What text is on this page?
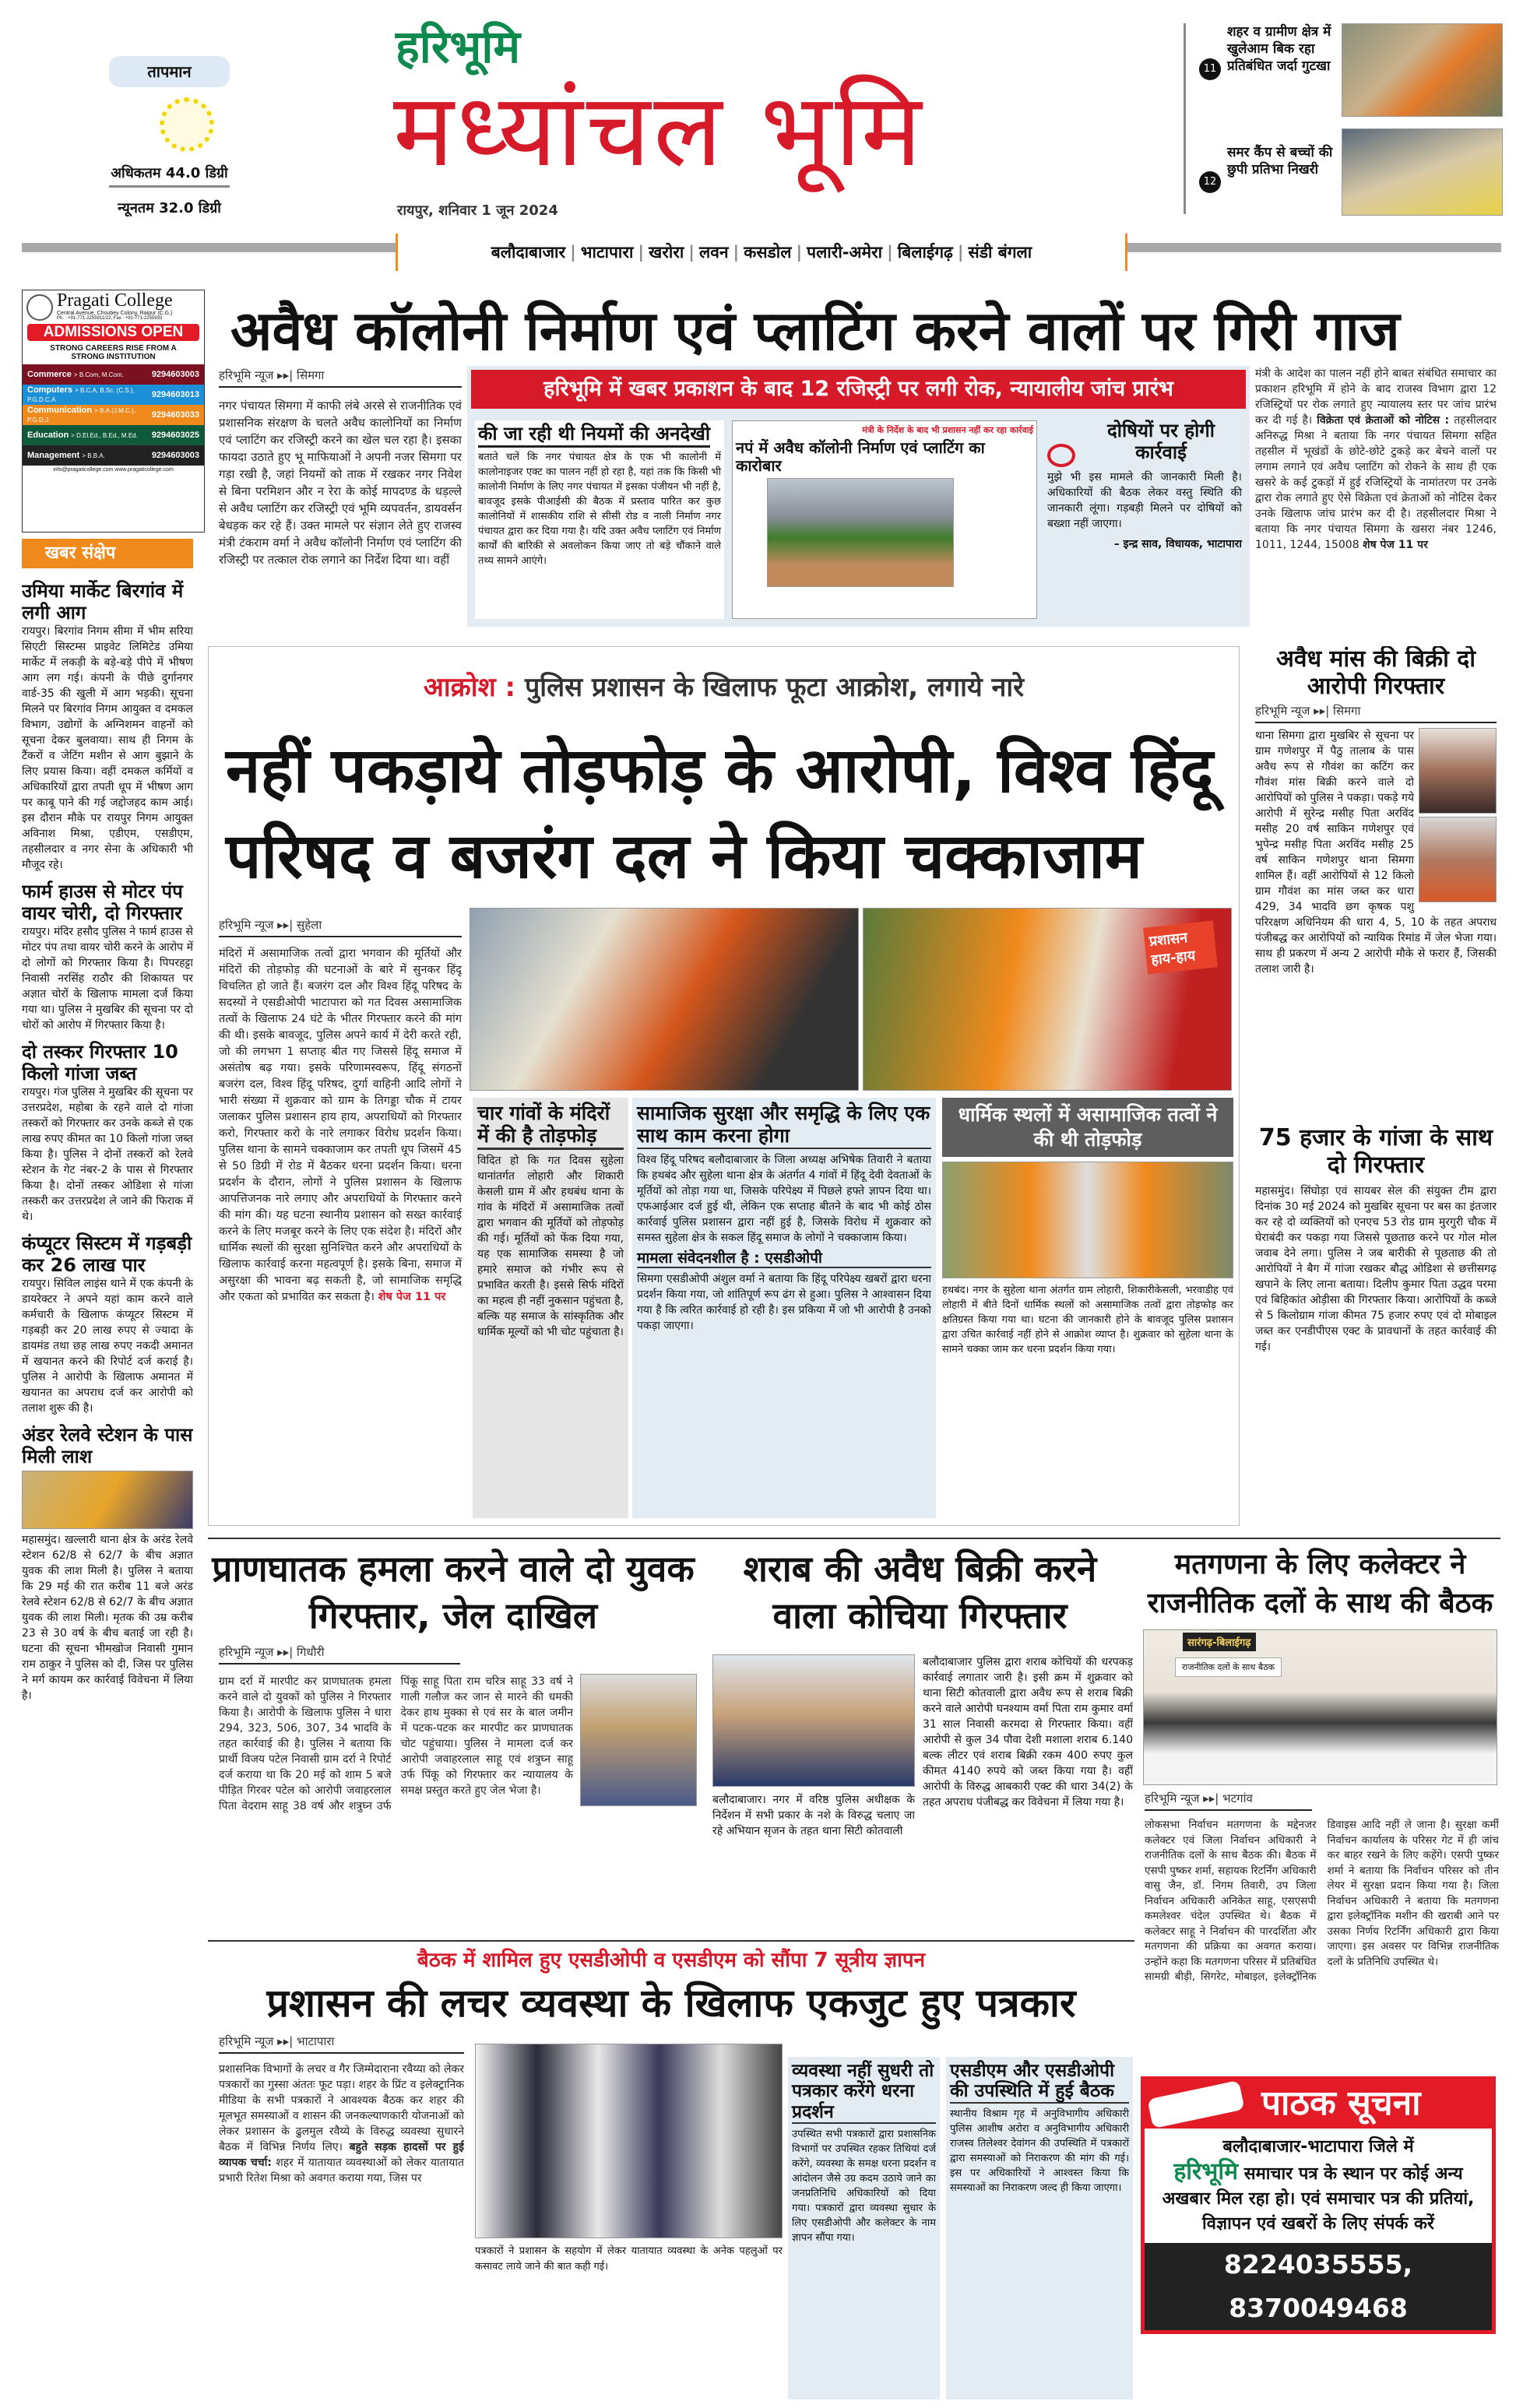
तापमान
अधिकतम 44.0 डिग्री
न्यूनतम 32.0 डिग्री
हरिभूमि
मध्यांचल भूमि
रायपुर, शनिवार 1 जून 2024
11
शहर व ग्रामीण क्षेत्र में खुलेआम बिक रहा प्रतिबंधित जर्दा गुटखा
12
समर कैंप से बच्चों की छुपी प्रतिभा निखरी
बलौदाबाजार | भाटापारा | खरोरा | लवन | कसडोल | पलारी-अमेरा | बिलाईगढ़ | संडी बंगला
Pragati College
Central Avenue, Choubey Colony, Raipur (C.G.)
Ph. : +91-771-2255911/22, Fax : +91-771-2255933
ADMISSIONS OPEN
STRONG CAREERS RISE FROM A STRONG INSTITUTION
Commerce > B.Com, M.Com.	9294603003
Computers > B.C.A, B.Sc. (C.S.), P.G.D.C.A
9294603013
Communication > B.A.(J.M.C.), P.G.D.J.
9294603033
Education > D.El.Ed., B.Ed., M.Ed. 9294603025
Management > B.B.A.	9294603003
info@pragaticollege.com www.pragaticollege.com
खबर संक्षेप
उमिया मार्केट बिरगांव में लगी आग
रायपुर। बिरगांव निगम सीमा में भीम सरिया सिएटी सिस्टम्स प्राइवेट लिमिटेड उमिया मार्केट में लकड़ी के बड़े-बड़े पीपे में भीषण आग लग गई। कंपनी के पीछे दुर्गानगर वार्ड-35 की खुली में आग भड़की। सूचना मिलने पर बिरगांव निगम आयुक्त व दमकल विभाग, उद्योगों के अग्निशमन वाहनों को सूचना देकर बुलवाया। साथ ही निगम के टैंकरों व जेटिंग मशीन से आग बुझाने के लिए प्रयास किया। वहीं दमकल कर्मियों व अधिकारियों द्वारा तपती धूप में भीषण आग पर काबू पाने की गई जद्दोजहद काम आई। इस दौरान मौके पर रायपुर निगम आयुक्त अविनाश मिश्रा, एडीएम, एसडीएम, तहसीलदार व नगर सेना के अधिकारी भी मौजूद रहे।
फार्म हाउस से मोटर पंप वायर चोरी, दो गिरफ्तार
रायपुर। मंदिर हसौद पुलिस ने फार्म हाउस से मोटर पंप तथा वायर चोरी करने के आरोप में दो लोगों को गिरफ्तार किया है। पिपरहट्टा निवासी नरसिंह राठौर की शिकायत पर अज्ञात चोरों के खिलाफ मामला दर्ज किया गया था। पुलिस ने मुखबिर की सूचना पर दो चोरों को आरोप में गिरफ्तार किया है।
दो तस्कर गिरफ्तार 10 किलो गांजा जब्त
रायपुर। गंज पुलिस ने मुखबिर की सूचना पर उत्तरप्रदेश, महोबा के रहने वाले दो गांजा तस्करों को गिरफ्तार कर उनके कब्जे से एक लाख रुपए कीमत का 10 किलो गांजा जब्त किया है। पुलिस ने दोनों तस्करों को रेलवे स्टेशन के गेट नंबर-2 के पास से गिरफ्तार किया है। दोनों तस्कर ओडिशा से गांजा तस्करी कर उत्तरप्रदेश ले जाने की फिराक में थे।
कंप्यूटर सिस्टम में गड़बड़ी कर 26 लाख पार
रायपुर। सिविल लाइंस थाने में एक कंपनी के डायरेक्टर ने अपने यहां काम करने वाले कर्मचारी के खिलाफ कंप्यूटर सिस्टम में गड़बड़ी कर 20 लाख रुपए से ज्यादा के डायमंड तथा छह लाख रुपए नकदी अमानत में खयानत करने की रिपोर्ट दर्ज कराई है। पुलिस ने आरोपी के खिलाफ अमानत में खयानत का अपराध दर्ज कर आरोपी को तलाश शुरू की है।
अंडर रेलवे स्टेशन के पास मिली लाश
महासमुंद। खल्लारी थाना क्षेत्र के अरंड रेलवे स्टेशन 62/8 से 62/7 के बीच अज्ञात युवक की लाश मिली है। पुलिस ने बताया कि 29 मई की रात करीब 11 बजे अरंड रेलवे स्टेशन 62/8 से 62/7 के बीच अज्ञात युवक की लाश मिली। मृतक की उम्र करीब 23 से 30 वर्ष के बीच बताई जा रही है। घटना की सूचना भीमखोज निवासी गुमान राम ठाकुर ने पुलिस को दी, जिस पर पुलिस ने मर्ग कायम कर कार्रवाई विवेचना में लिया है।
अवैध कॉलोनी निर्माण एवं प्लाटिंग करने वालों पर गिरी गाज
हरिभूमि न्यूज ▸▸| सिमगा
नगर पंचायत सिमगा में काफी लंबे अरसे से राजनीतिक एवं प्रशासनिक संरक्षण के चलते अवैध कालोनियों का निर्माण एवं प्लाटिंग कर रजिस्ट्री करने का खेल चल रहा है। इसका फायदा उठाते हुए भू माफियाओं ने अपनी नजर सिमगा पर गड़ा रखी है, जहां नियमों को ताक में रखकर नगर निवेश से बिना परमिशन और न रेरा के कोई मापदण्ड के धड़ल्ले से अवैध प्लाटिंग कर रजिस्ट्री एवं भूमि व्यपवर्तन, डायवर्सन बेधड़क कर रहे हैं। उक्त मामले पर संज्ञान लेते हुए राजस्व मंत्री टंकराम वर्मा ने अवैध कॉलोनी निर्माण एवं प्लाटिंग की रजिस्ट्री पर तत्काल रोक लगाने का निर्देश दिया था। वहीं
हरिभूमि में खबर प्रकाशन के बाद 12 रजिस्ट्री पर लगी रोक, न्यायालीय जांच प्रारंभ
की जा रही थी नियमों की अनदेखी
बताते चलें कि नगर पंचायत क्षेत्र के एक भी कालोनी में कालोनाइजर एक्ट का पालन नहीं हो रहा है, यहां तक कि किसी भी कालोनी निर्माण के लिए नगर पंचायत में इसका पंजीयन भी नहीं है, बावजूद इसके पीआईसी की बैठक में प्रस्ताव पारित कर कुछ कालोनियों में शासकीय राशि से सीसी रोड व नाली निर्माण नगर पंचायत द्वारा कर दिया गया है। यदि उक्त अवैध प्लाटिंग एवं निर्माण कार्यों की बारिकी से अवलोकन किया जाए तो बड़े चौंकाने वाले तथ्य सामने आएंगे।
मंत्री के निर्देश के बाद भी प्रशासन नहीं कर रहा कार्रवाई
नपं में अवैध कॉलोनी निर्माण एवं प्लाटिंग का कारोबार
दोषियों पर होगी कार्रवाई
मुझे भी इस मामले की जानकारी मिली है। अधिकारियों की बैठक लेकर वस्तु स्थिति की जानकारी लूंगा। गड़बड़ी मिलने पर दोषियों को बख्शा नहीं जाएगा।
– इन्द्र साव, विधायक, भाटापारा
मंत्री के आदेश का पालन नहीं होने बाबत संबंधित समाचार का प्रकाशन हरिभूमि में होने के बाद राजस्व विभाग द्वारा 12 रजिस्ट्रियों पर रोक लगाते हुए न्यायालय स्तर पर जांच प्रारंभ कर दी गई है। विक्रेता एवं क्रेताओं को नोटिस : तहसीलदार अनिरुद्ध मिश्रा ने बताया कि नगर पंचायत सिमगा सहित तहसील में भूखंडों के छोटे-छोटे टुकड़े कर बेचने वालों पर लगाम लगाने एवं अवैध प्लाटिंग को रोकने के साथ ही एक खसरे के कई टुकड़ों में हुई रजिस्ट्रियों के नामांतरण पर उनके द्वारा रोक लगाते हुए ऐसे विक्रेता एवं क्रेताओं को नोटिस देकर उनके खिलाफ जांच प्रारंभ कर दी है। तहसीलदार मिश्रा ने बताया कि नगर पंचायत सिमगा के खसरा नंबर 1246, 1011, 1244, 15008 शेष पेज 11 पर
आक्रोश : पुलिस प्रशासन के खिलाफ फूटा आक्रोश, लगाये नारे
नहीं पकड़ाये तोड़फोड़ के आरोपी, विश्व हिंदू परिषद व बजरंग दल ने किया चक्काजाम
हरिभूमि न्यूज ▸▸| सुहेला
मंदिरों में असामाजिक तत्वों द्वारा भगवान की मूर्तियों और मंदिरों की तोड़फोड़ की घटनाओं के बारे में सुनकर हिंदू विचलित हो जाते हैं। बजरंग दल और विश्व हिंदू परिषद के सदस्यों ने एसडीओपी भाटापारा को गत दिवस असामाजिक तत्वों के खिलाफ 24 घंटे के भीतर गिरफ्तार करने की मांग की थी। इसके बावजूद, पुलिस अपने कार्य में देरी करते रही, जो की लगभग 1 सप्ताह बीत गए जिससे हिंदू समाज में असंतोष बढ़ गया। इसके परिणामस्वरूप, हिंदू संगठनों बजरंग दल, विश्व हिंदू परिषद, दुर्गा वाहिनी आदि लोगों ने भारी संख्या में शुक्रवार को ग्राम के तिगड्डा चौक में टायर जलाकर पुलिस प्रशासन हाय हाय, अपराधियों को गिरफ्तार करो, गिरफ्तार करो के नारे लगाकर विरोध प्रदर्शन किया। पुलिस थाना के सामने चक्काजाम कर तपती धूप जिसमें 45 से 50 डिग्री में रोड में बैठकर धरना प्रदर्शन किया। धरना प्रदर्शन के दौरान, लोगों ने पुलिस प्रशासन के खिलाफ आपत्तिजनक नारे लगाए और अपराधियों के गिरफ्तार करने की मांग की। यह घटना स्थानीय प्रशासन को सख्त कार्रवाई करने के लिए मजबूर करने के लिए एक संदेश है। मंदिरों और धार्मिक स्थलों की सुरक्षा सुनिश्चित करने और अपराधियों के खिलाफ कार्रवाई करना महत्वपूर्ण है। इसके बिना, समाज में असुरक्षा की भावना बढ़ सकती है, जो सामाजिक समृद्धि और एकता को प्रभावित कर सकता है। शेष पेज 11 पर
प्रशासन हाय-हाय
चार गांवों के मंदिरों में की है तोड़फोड़
विदित हो कि गत दिवस सुहेला थानांतर्गत लोहारी और शिकारी केसली ग्राम में और हथबंध थाना के गांव के मंदिरों में असामाजिक तत्वों द्वारा भगवान की मूर्तियों को तोड़फोड़ की गई। मूर्तियों को फेंक दिया गया, यह एक सामाजिक समस्या है जो हमारे समाज को गंभीर रूप से प्रभावित करती है। इससे सिर्फ मंदिरों का महत्व ही नहीं नुकसान पहुंचता है, बल्कि यह समाज के सांस्कृतिक और धार्मिक मूल्यों को भी चोट पहुंचाता है।
सामाजिक सुरक्षा और समृद्धि के लिए एक साथ काम करना होगा
विश्व हिंदू परिषद बलौदाबाजार के जिला अध्यक्ष अभिषेक तिवारी ने बताया कि हथबंद और सुहेला थाना क्षेत्र के अंतर्गत 4 गांवों में हिंदू देवी देवताओं के मूर्तियों को तोड़ा गया था, जिसके परिपेक्ष्य में पिछले हफ्ते ज्ञापन दिया था। एफआईआर दर्ज हुई थी, लेकिन एक सप्ताह बीतने के बाद भी कोई ठोस कार्रवाई पुलिस प्रशासन द्वारा नहीं हुई है, जिसके विरोध में शुक्रवार को समस्त सुहेला क्षेत्र के सकल हिंदू समाज के लोगों ने चक्काजाम किया।
मामला संवेदनशील है : एसडीओपी
सिमगा एसडीओपी अंशुल वर्मा ने बताया कि हिंदू परिपेक्ष्य खबरों द्वारा धरना प्रदर्शन किया गया, जो शांतिपूर्ण रूप ढंग से हुआ। पुलिस ने आश्वासन दिया गया है कि त्वरित कार्रवाई हो रही है। इस प्रकिया में जो भी आरोपी है उनको पकड़ा जाएगा।
धार्मिक स्थलों में असामाजिक तत्वों ने की थी तोड़फोड़
हथबंद। नगर के सुहेला थाना अंतर्गत ग्राम लोहारी, शिकारीकेसली, भरवाडीह एवं लोहारी में बीते दिनों धार्मिक स्थलों को असामाजिक तत्वों द्वारा तोड़फोड़ कर क्षतिग्रस्त किया गया था। घटना की जानकारी होने के बावजूद पुलिस प्रशासन द्वारा उचित कार्रवाई नहीं होने से आक्रोश व्याप्त है। शुक्रवार को सुहेला थाना के सामने चक्का जाम कर धरना प्रदर्शन किया गया।
अवैध मांस की बिक्री दो आरोपी गिरफ्तार
हरिभूमि न्यूज ▸▸| सिमगा
थाना सिमगा द्वारा मुखबिर से सूचना पर ग्राम गणेशपुर में पैठु तालाब के पास अवैध रूप से गौवंश का कटिंग कर गौवंश मांस बिक्री करने वाले दो आरोपियों को पुलिस ने पकड़ा। पकड़े गये आरोपी में सुरेन्द्र मसीह पिता अरविंद मसीह 20 वर्ष साकिन गणेशपुर एवं भुपेन्द्र मसीह पिता अरविंद मसीह 25 वर्ष साकिन गणेशपुर थाना सिमगा शामिल हैं। वहीं आरोपियों से 12 किलो ग्राम गौवंश का मांस जब्त कर धारा 429, 34 भादवि छग कृषक पशु परिरक्षण अधिनियम की धारा 4, 5, 10 के तहत अपराध पंजीबद्ध कर आरोपियों को न्यायिक रिमांड में जेल भेजा गया। साथ ही प्रकरण में अन्य 2 आरोपी मौके से फरार हैं, जिसकी तलाश जारी है।
75 हजार के गांजा के साथ दो गिरफ्तार
महासमुंद। सिंघोड़ा एवं सायबर सेल की संयुक्त टीम द्वारा दिनांक 30 मई 2024 को मुखबिर सूचना पर बस का इंतजार कर रहे दो व्यक्तियों को एनएच 53 रोड ग्राम मुरगुरी चौक में घेराबंदी कर पकड़ा गया जिससे पूछताछ करने पर गोल मोल जवाब देने लगा। पुलिस ने जब बारीकी से पूछताछ की तो आरोपियों ने बैग में गांजा रखकर बौद्ध ओडिशा से छत्तीसगढ़ खपाने के लिए लाना बताया। दिलीप कुमार पिता उद्धव परमा एवं बिहिकांत ओड़ीसा की गिरफ्तार किया। आरोपियों के कब्जे से 5 किलोग्राम गांजा कीमत 75 हजार रुपए एवं दो मोबाइल जब्त कर एनडीपीएस एक्ट के प्रावधानों के तहत कार्रवाई की गई।
प्राणघातक हमला करने वाले दो युवक गिरफ्तार, जेल दाखिल
हरिभूमि न्यूज ▸▸| गिधौरी
ग्राम दर्रा में मारपीट कर प्राणघातक हमला करने वाले दो युवकों को पुलिस ने गिरफ्तार किया है। आरोपी के खिलाफ पुलिस ने धारा 294, 323, 506, 307, 34 भादवि के तहत कार्रवाई की है। पुलिस ने बताया कि प्रार्थी विजय पटेल निवासी ग्राम दर्रा ने रिपोर्ट दर्ज कराया था कि 20 मई को शाम 5 बजे पीड़ित गिरवर पटेल को आरोपी जवाहरलाल पिता वेदराम साहू 38 वर्ष और शत्रुघ्न उर्फ पिंकू साहू पिता राम चरित्र साहू 33 वर्ष ने गाली गलौज कर जान से मारने की धमकी देकर हाथ मुक्का से एवं सर के बाल जमीन में पटक-पटक कर मारपीट कर प्राणघातक चोट पहुंचाया। पुलिस ने मामला दर्ज कर आरोपी जवाहरलाल साहू एवं शत्रुघ्न साहू उर्फ पिंकू को गिरफ्तार कर न्यायालय के समक्ष प्रस्तुत करते हुए जेल भेजा है।
शराब की अवैध बिक्री करने वाला कोचिया गिरफ्तार
बलौदाबाजार। नगर में वरिष्ठ पुलिस अधीक्षक के निर्देशन में सभी प्रकार के नशे के विरुद्ध चलाए जा रहे अभियान सृजन के तहत थाना सिटी कोतवाली
बलौदाबाजार पुलिस द्वारा शराब कोचियों की धरपकड़ कार्रवाई लगातार जारी है। इसी क्रम में शुक्रवार को थाना सिटी कोतवाली द्वारा अवैध रूप से शराब बिक्री करने वाले आरोपी घनश्याम वर्मा पिता राम कुमार वर्मा 31 साल निवासी करमदा से गिरफ्तार किया। वहीं आरोपी से कुल 34 पौवा देशी मशाला शराब 6.140 बल्क लीटर एवं शराब बिक्री रकम 400 रुपए कुल कीमत 4140 रुपये को जब्त किया गया है। वहीं आरोपी के विरुद्ध आबकारी एक्ट की धारा 34(2) के तहत अपराध पंजीबद्ध कर विवेचना में लिया गया है।
मतगणना के लिए कलेक्टर ने राजनीतिक दलों के साथ की बैठक
सारंगढ़-बिलाईगढ़
राजनीतिक दलों के साथ बैठक
हरिभूमि न्यूज ▸▸| भटगांव
लोकसभा निर्वाचन मतगणना के मद्देनजर कलेक्टर एवं जिला निर्वाचन अधिकारी ने राजनीतिक दलों के साथ बैठक की। बैठक में एसपी पुष्कर शर्मा, सहायक रिटर्निंग अधिकारी वासु जैन, डॉ. निगम तिवारी, उप जिला निर्वाचन अधिकारी अनिकेत साहू, एसएसपी कमलेश्वर चंदेल उपस्थित थे। बैठक में कलेक्टर साहू ने निर्वाचन की पारदर्शिता और मतगणना की प्रक्रिया का अवगत कराया। उन्होंने कहा कि मतगणना परिसर में प्रतिबंधित सामग्री बीड़ी, सिगरेट, मोबाइल, इलेक्ट्रॉनिक डिवाइस आदि नहीं ले जाना है। सुरक्षा कर्मी निर्वाचन कार्यालय के परिसर गेट में ही जांच कर बाहर रखने के लिए कहेंगे। एसपी पुष्कर शर्मा ने बताया कि निर्वाचन परिसर को तीन लेयर में सुरक्षा प्रदान किया गया है। जिला निर्वाचन अधिकारी ने बताया कि मतगणना द्वारा इलेक्ट्रॉनिक मशीन की खराबी आने पर उसका निर्णय रिटर्निंग अधिकारी द्वारा किया जाएगा। इस अवसर पर विभिन्न राजनीतिक दलों के प्रतिनिधि उपस्थित थे।
बैठक में शामिल हुए एसडीओपी व एसडीएम को सौंपा 7 सूत्रीय ज्ञापन
प्रशासन की लचर व्यवस्था के खिलाफ एकजुट हुए पत्रकार
हरिभूमि न्यूज ▸▸| भाटापारा
प्रशासनिक विभागों के लचर व गैर जिम्मेदाराना रवैय्या को लेकर पत्रकारों का गुस्सा अंततः फूट पड़ा। शहर के प्रिंट व इलेक्ट्रानिक मीडिया के सभी पत्रकारों ने आवश्यक बैठक कर शहर की मूलभूत समस्याओं व शासन की जनकल्याणकारी योजनाओं को लेकर प्रशासन के ढुलमुल रवैय्ये के विरुद्ध व्यवस्था सुधारने बैठक में विभिन्न निर्णय लिए। बहुते सड़क हादसों पर हुई व्यापक चर्चा: शहर में यातायात व्यवस्थाओं को लेकर यातायात प्रभारी रितेश मिश्रा को अवगत कराया गया, जिस पर
पत्रकारों ने प्रशासन के सहयोग में लेकर यातायात व्यवस्था के अनेक पहलुओं पर कसावट लाये जाने की बात कही गई।
व्यवस्था नहीं सुधरी तो पत्रकार करेंगे धरना प्रदर्शन
उपस्थित सभी पत्रकारों द्वारा प्रशासनिक विभागों पर उपस्थित रहकर तिथियां दर्ज करेंगे, व्यवस्था के समक्ष धरना प्रदर्शन व आंदोलन जैसे उग्र कदम उठाये जाने का जनप्रतिनिधि अधिकारियों को दिया गया। पत्रकारों द्वारा व्यवस्था सुधार के लिए एसडीओपी और कलेक्टर के नाम ज्ञापन सौंपा गया।
एसडीएम और एसडीओपी की उपस्थिति में हुई बैठक
स्थानीय विश्राम गृह में अनुविभागीय अधिकारी पुलिस आशीष अरोरा व अनुविभागीय अधिकारी राजस्व तिलेश्वर देवांगन की उपस्थिति में पत्रकारों द्वारा समस्याओं को निराकरण की मांग की गई। इस पर अधिकारियों ने आश्वस्त किया कि समस्याओं का निराकरण जल्द ही किया जाएगा।
पाठक सूचना
बलौदाबाजार-भाटापारा जिले में
हरिभूमि समाचार पत्र के स्थान पर कोई अन्य अखबार मिल रहा हो। एवं समाचार पत्र की प्रतियां, विज्ञापन एवं खबरों के लिए संपर्क करें
8224035555, 8370049468
